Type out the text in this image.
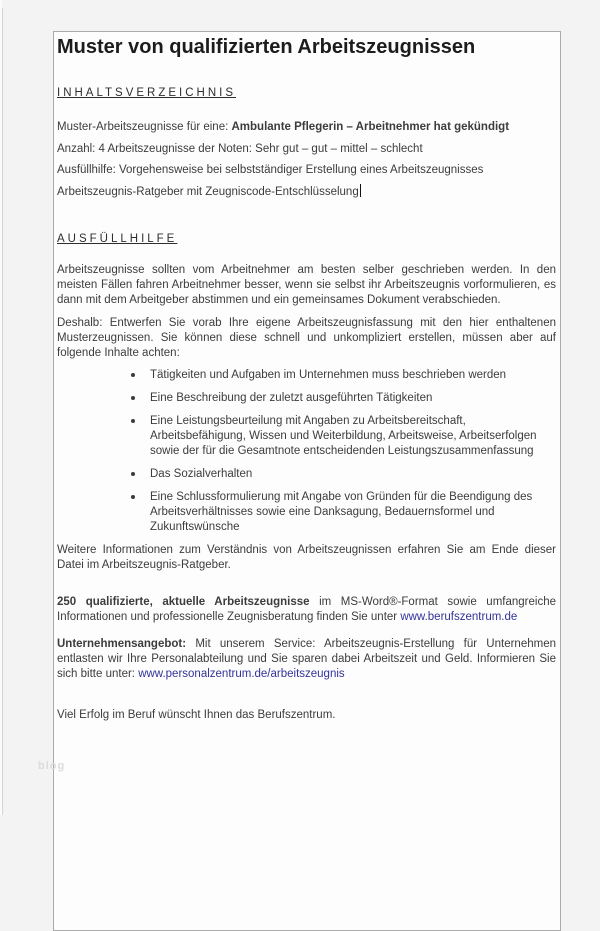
blog
Muster von qualifizierten Arbeitszeugnissen
INHALTSVERZEICHNIS
Muster-Arbeitszeugnisse für eine: Ambulante Pflegerin – Arbeitnehmer hat gekündigt
Anzahl: 4 Arbeitszeugnisse der Noten: Sehr gut – gut – mittel – schlecht
Ausfüllhilfe: Vorgehensweise bei selbstständiger Erstellung eines Arbeitszeugnisses
Arbeitszeugnis-Ratgeber mit Zeugniscode-Entschlüsselung
AUSFÜLLHILFE

Arbeitszeugnisse sollten vom Arbeitnehmer am besten selber geschrieben werden. In den meisten Fällen fahren Arbeitnehmer besser, wenn sie selbst ihr Arbeitszeugnis vorformulieren, es dann mit dem Arbeitgeber abstimmen und ein gemeinsames Dokument verabschieden.

Deshalb: Entwerfen Sie vorab Ihre eigene Arbeitszeugnisfassung mit den hier enthaltenen Musterzeugnissen. Sie können diese schnell und unkompliziert erstellen, müssen aber auf folgende Inhalte achten:

Tätigkeiten und Aufgaben im Unternehmen muss beschrieben werden
Eine Beschreibung der zuletzt ausgeführten Tätigkeiten
Eine Leistungsbeurteilung mit Angaben zu Arbeitsbereitschaft, Arbeitsbefähigung, Wissen und Weiterbildung, Arbeitsweise, Arbeitserfolgen sowie der für die Gesamtnote entscheidenden Leistungszusammenfassung
Das Sozialverhalten
Eine Schlussformulierung mit Angabe von Gründen für die Beendigung des Arbeitsverhältnisses sowie eine Danksagung, Bedauernsformel und Zukunftswünsche

Weitere Informationen zum Verständnis von Arbeitszeugnissen erfahren Sie am Ende dieser Datei im Arbeitszeugnis-Ratgeber.

250 qualifizierte, aktuelle Arbeitszeugnisse im MS-Word®-Format sowie umfangreiche Informationen und professionelle Zeugnisberatung finden Sie unter www.berufszentrum.de

Unternehmensangebot: Mit unserem Service: Arbeitszeugnis-Erstellung für Unternehmen entlasten wir Ihre Personalabteilung und Sie sparen dabei Arbeitszeit und Geld. Informieren Sie sich bitte unter: www.personalzentrum.de/arbeitszeugnis

Viel Erfolg im Beruf wünscht Ihnen das Berufszentrum.
